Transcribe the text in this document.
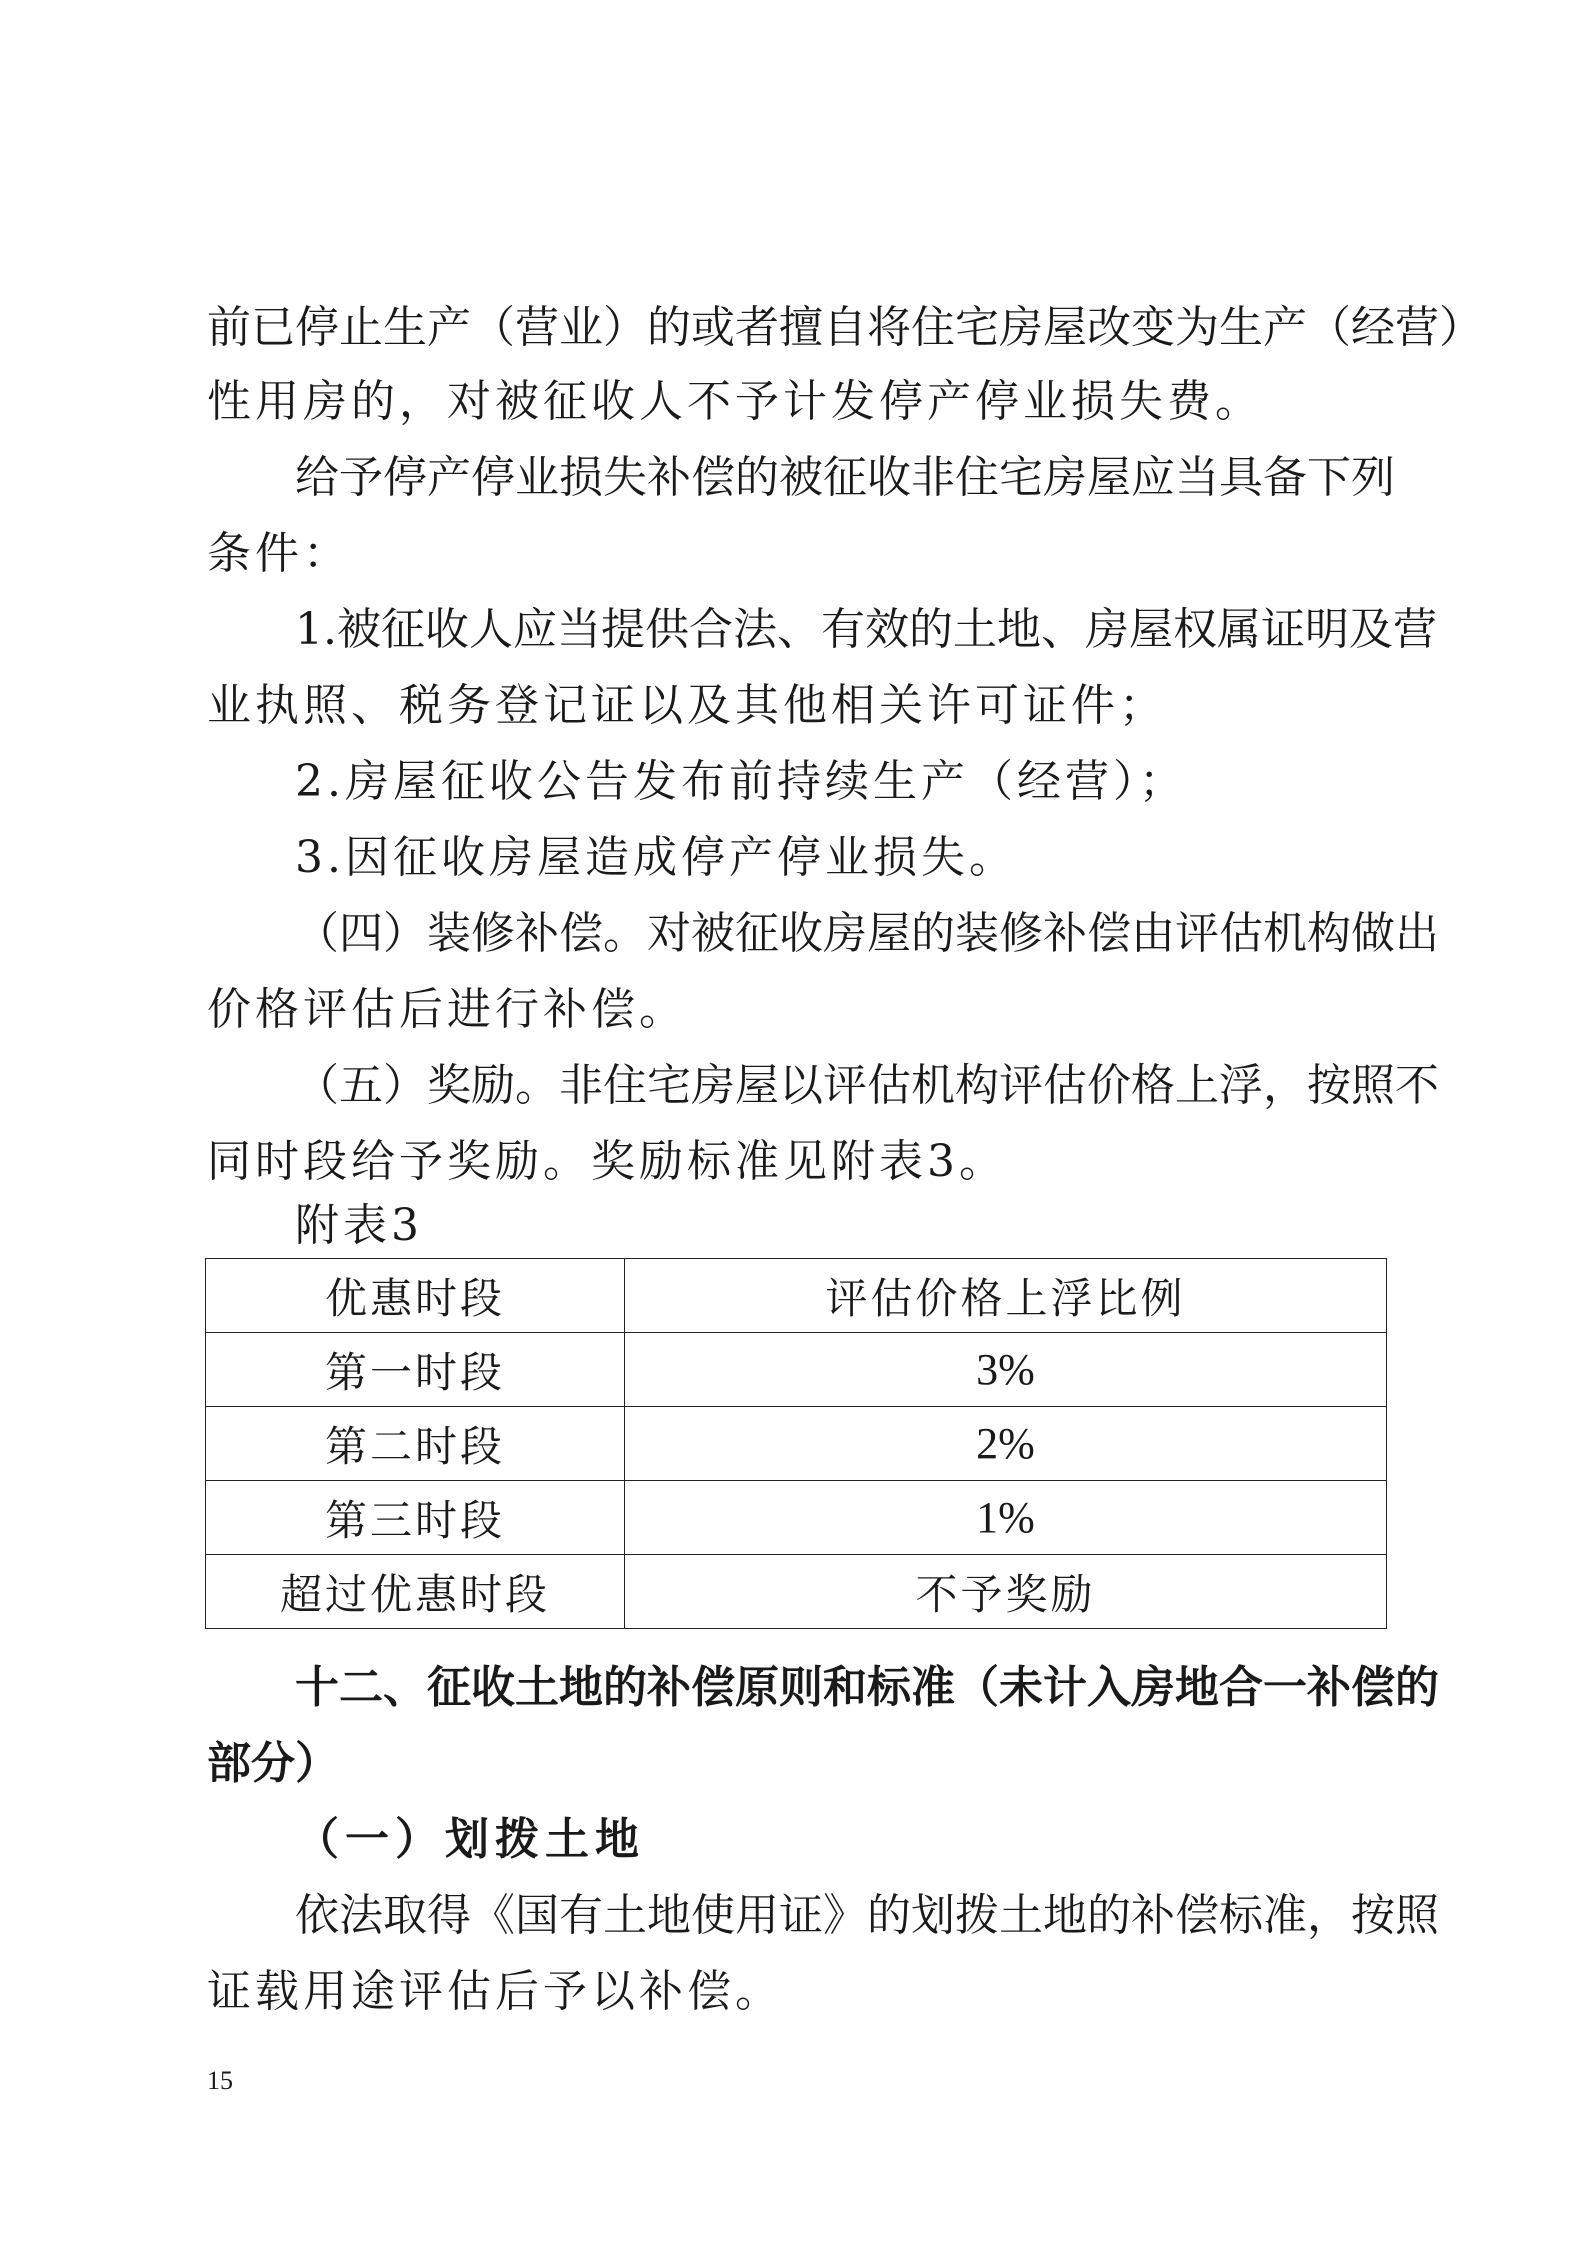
前已停止生产（营业）的或者擅自将住宅房屋改变为生产（经营）
性用房的，对被征收人不予计发停产停业损失费。
给予停产停业损失补偿的被征收非住宅房屋应当具备下列
条件：
1.被征收人应当提供合法、有效的土地、房屋权属证明及营
业执照、税务登记证以及其他相关许可证件；
2.房屋征收公告发布前持续生产（经营）；
3.因征收房屋造成停产停业损失。
（四）装修补偿。对被征收房屋的装修补偿由评估机构做出
价格评估后进行补偿。
（五）奖励。非住宅房屋以评估机构评估价格上浮，按照不
同时段给予奖励。奖励标准见附表3。
附表3
优惠时段	评估价格上浮比例
第一时段	3%
第二时段	2%
第三时段	1%
超过优惠时段	不予奖励
十二、征收土地的补偿原则和标准（未计入房地合一补偿的
部分）
（一）划拨土地
依法取得《国有土地使用证》的划拨土地的补偿标准，按照
证载用途评估后予以补偿。
15
